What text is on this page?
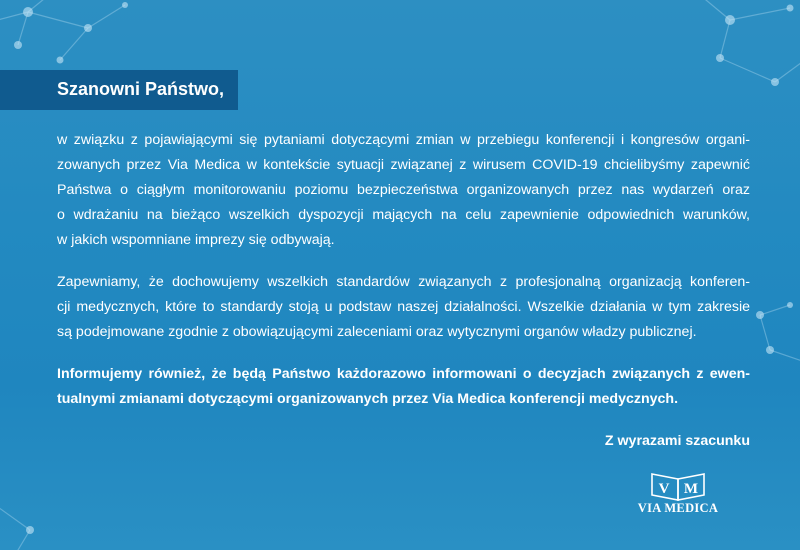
Szanowni Państwo,
w związku z pojawiającymi się pytaniami dotyczącymi zmian w przebiegu konferencji i kongresów organi-
zowanych przez Via Medica w kontekście sytuacji związanej z wirusem COVID-19 chcielibyśmy zapewnić
Państwa o ciągłym monitorowaniu poziomu bezpieczeństwa organizowanych przez nas wydarzeń oraz
o wdrażaniu na bieżąco wszelkich dyspozycji mających na celu zapewnienie odpowiednich warunków,
w jakich wspomniane imprezy się odbywają.
Zapewniamy, że dochowujemy wszelkich standardów związanych z profesjonalną organizacją konferen-
cji medycznych, które to standardy stoją u podstaw naszej działalności. Wszelkie działania w tym zakresie
są podejmowane zgodnie z obowiązującymi zaleceniami oraz wytycznymi organów władzy publicznej.
Informujemy również, że będą Państwo każdorazowo informowani o decyzjach związanych z ewen-
tualnymi zmianami dotyczącymi organizowanych przez Via Medica konferencji medycznych.
Z wyrazami szacunku
V M
VIA MEDICA
